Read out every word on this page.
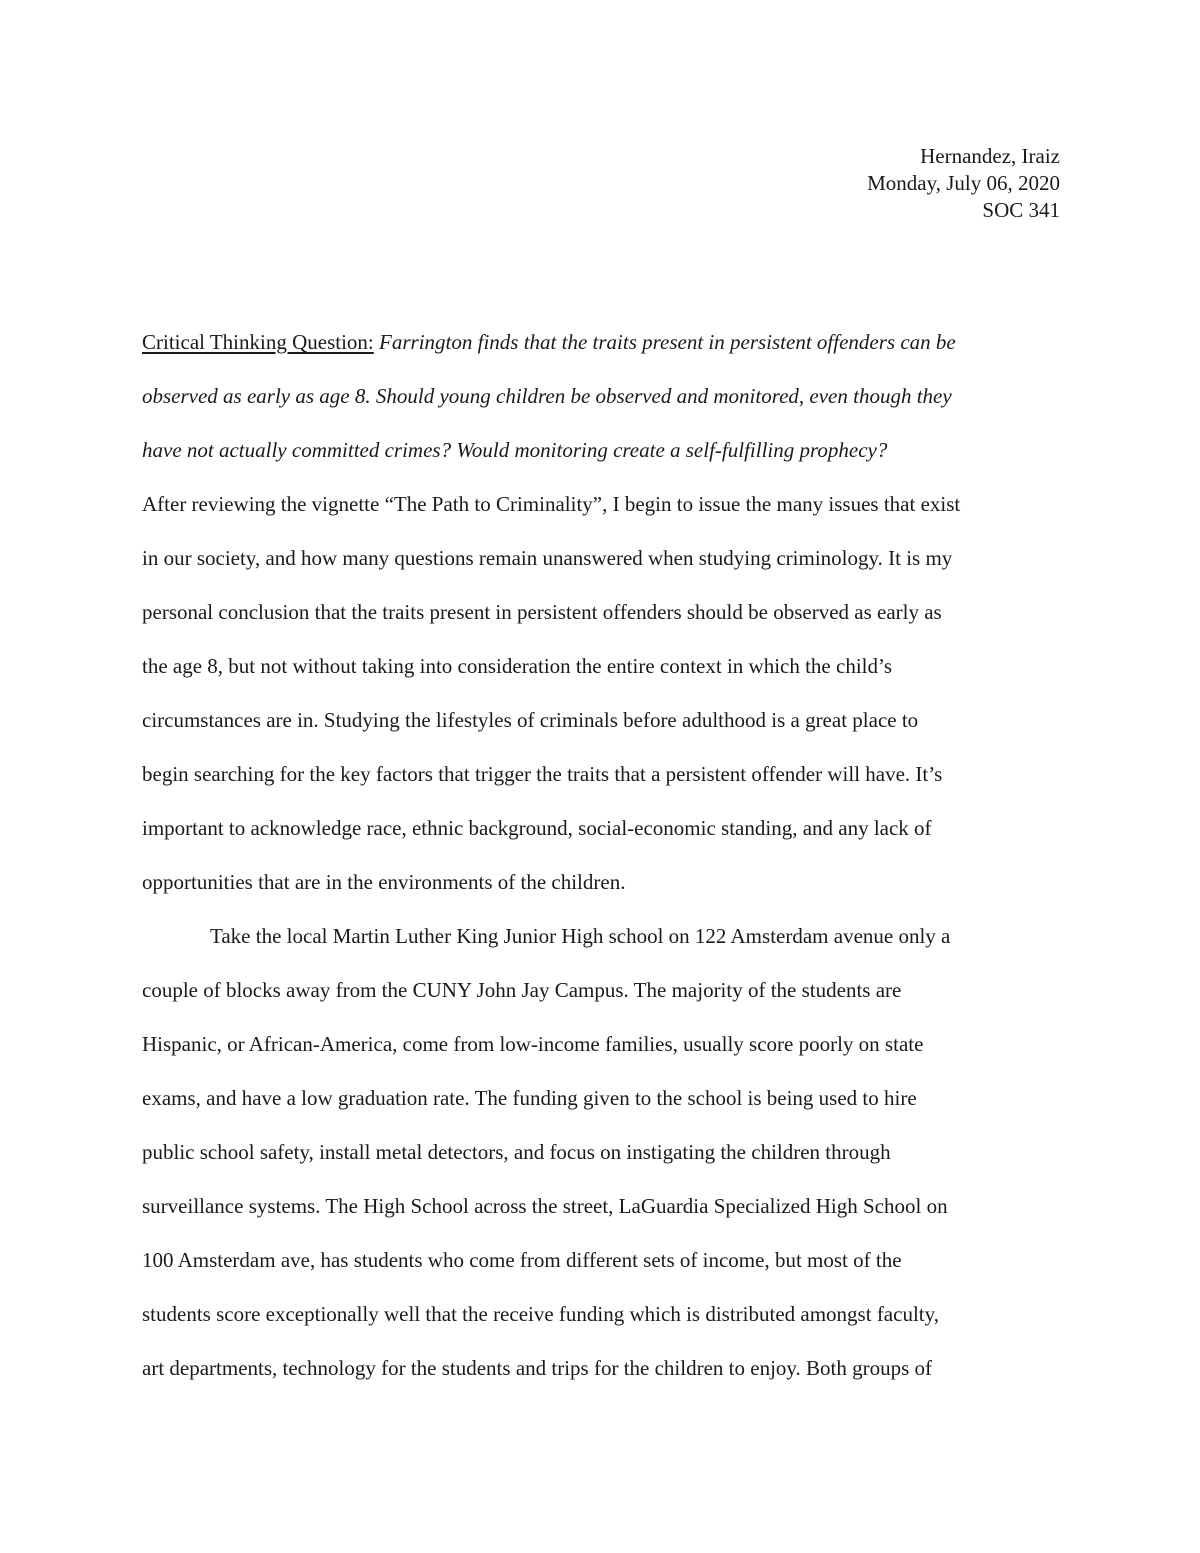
Hernandez, Iraiz
Monday, July 06, 2020
SOC 341
Critical Thinking Question: Farrington finds that the traits present in persistent offenders can be
observed as early as age 8. Should young children be observed and monitored, even though they
have not actually committed crimes? Would monitoring create a self-fulfilling prophecy?
After reviewing the vignette “The Path to Criminality”, I begin to issue the many issues that exist
in our society, and how many questions remain unanswered when studying criminology. It is my
personal conclusion that the traits present in persistent offenders should be observed as early as
the age 8, but not without taking into consideration the entire context in which the child’s
circumstances are in. Studying the lifestyles of criminals before adulthood is a great place to
begin searching for the key factors that trigger the traits that a persistent offender will have. It’s
important to acknowledge race, ethnic background, social-economic standing, and any lack of
opportunities that are in the environments of the children.
Take the local Martin Luther King Junior High school on 122 Amsterdam avenue only a
couple of blocks away from the CUNY John Jay Campus. The majority of the students are
Hispanic, or African-America, come from low-income families, usually score poorly on state
exams, and have a low graduation rate. The funding given to the school is being used to hire
public school safety, install metal detectors, and focus on instigating the children through
surveillance systems. The High School across the street, LaGuardia Specialized High School on
100 Amsterdam ave, has students who come from different sets of income, but most of the
students score exceptionally well that the receive funding which is distributed amongst faculty,
art departments, technology for the students and trips for the children to enjoy. Both groups of
